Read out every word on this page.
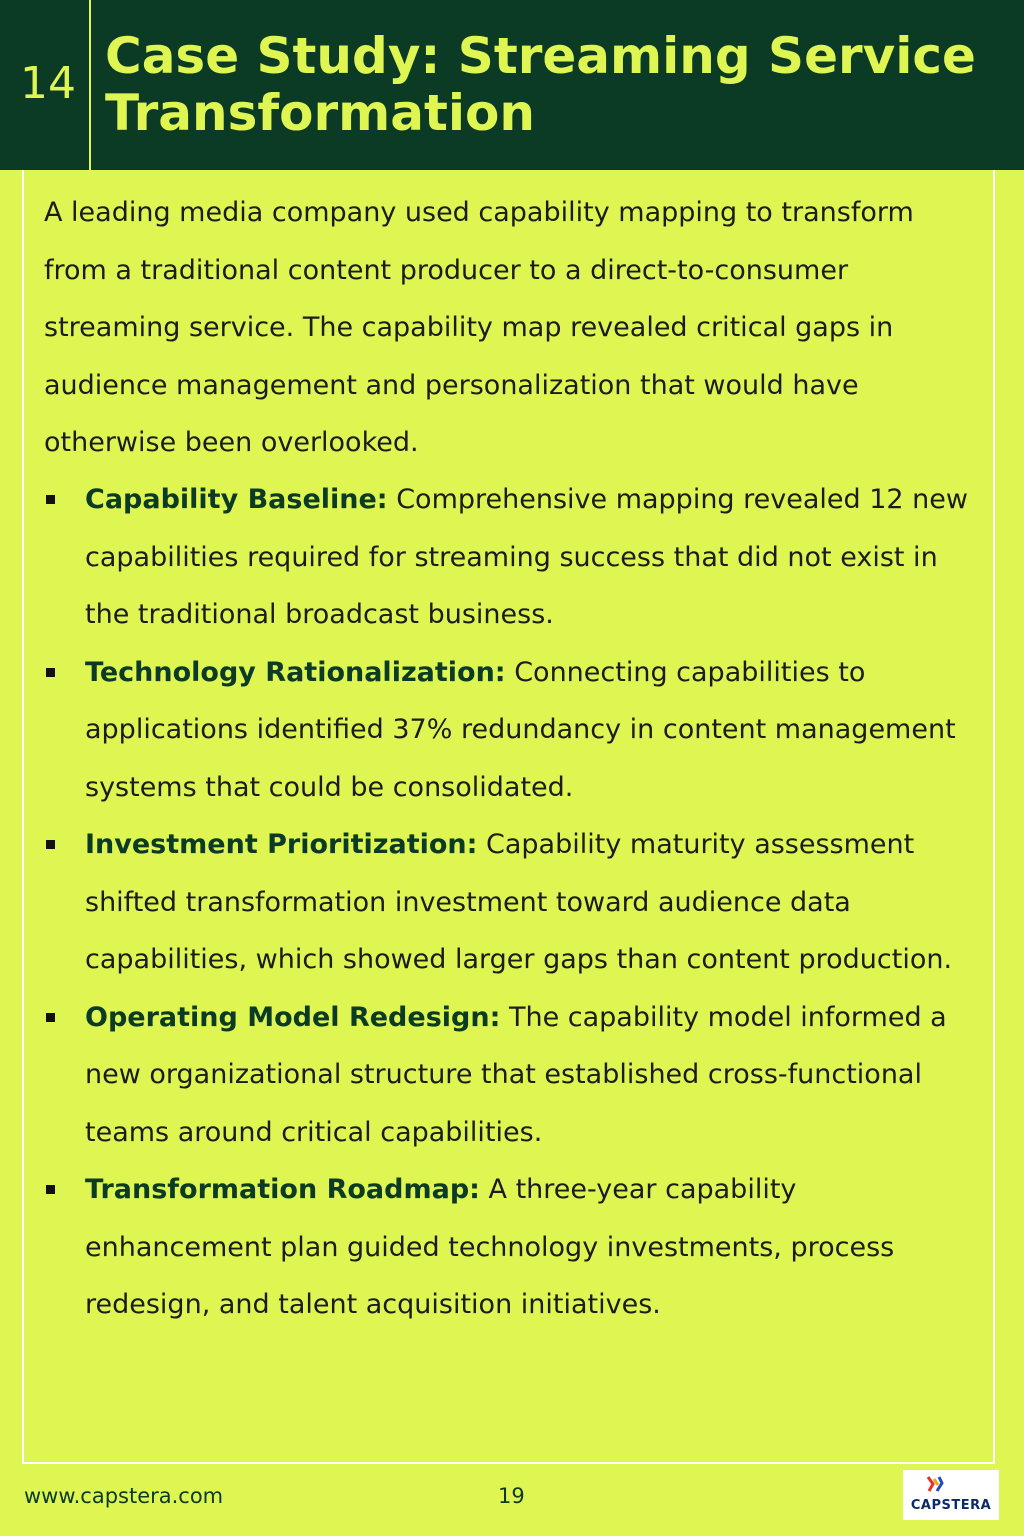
14 Case Study: Streaming Service Transformation

A leading media company used capability mapping to transform from a traditional content producer to a direct-to-consumer streaming service. The capability map revealed critical gaps in audience management and personalization that would have otherwise been overlooked.

Capability Baseline: Comprehensive mapping revealed 12 new capabilities required for streaming success that did not exist in the traditional broadcast business.
Technology Rationalization: Connecting capabilities to applications identified 37% redundancy in content management systems that could be consolidated.
Investment Prioritization: Capability maturity assessment shifted transformation investment toward audience data capabilities, which showed larger gaps than content production.
Operating Model Redesign: The capability model informed a new organizational structure that established cross-functional teams around critical capabilities.
Transformation Roadmap: A three-year capability enhancement plan guided technology investments, process redesign, and talent acquisition initiatives.
www.capstera.com	19	CAPSTERA
